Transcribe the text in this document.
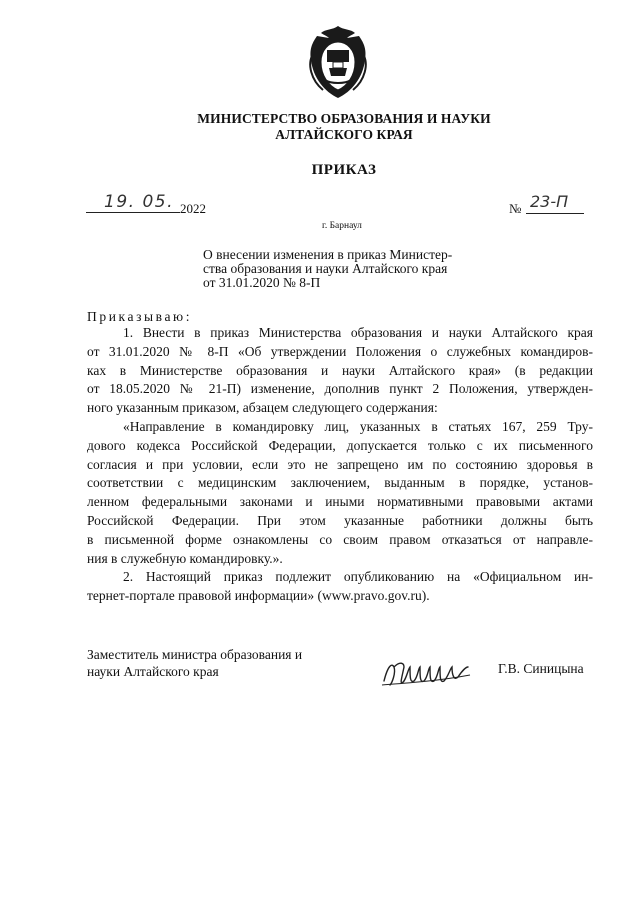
МИНИСТЕРСТВО ОБРАЗОВАНИЯ И НАУКИ
АЛТАЙСКОГО КРАЯ
ПРИКАЗ
19. 05. 2022	№ 23-П
г. Барнаул
О внесении изменения в приказ Министер-
ства образования и науки Алтайского края
от 31.01.2020 № 8-П
Приказываю:
1. Внести в приказ Министерства образования и науки Алтайского края
от 31.01.2020 № 8-П «Об утверждении Положения о служебных командиров-
ках в Министерстве образования и науки Алтайского края» (в редакции
от 18.05.2020 № 21-П) изменение, дополнив пункт 2 Положения, утвержден-
ного указанным приказом, абзацем следующего содержания:
«Направление в командировку лиц, указанных в статьях 167, 259 Тру-
дового кодекса Российской Федерации, допускается только с их письменного
согласия и при условии, если это не запрещено им по состоянию здоровья в
соответствии с медицинским заключением, выданным в порядке, установ-
ленном федеральными законами и иными нормативными правовыми актами
Российской Федерации. При этом указанные работники должны быть
в письменной форме ознакомлены со своим правом отказаться от направле-
ния в служебную командировку.».
2. Настоящий приказ подлежит опубликованию на «Официальном ин-
тернет-портале правовой информации» (www.pravo.gov.ru).
Заместитель министра образования и
науки Алтайского края	Г.В. Синицына
